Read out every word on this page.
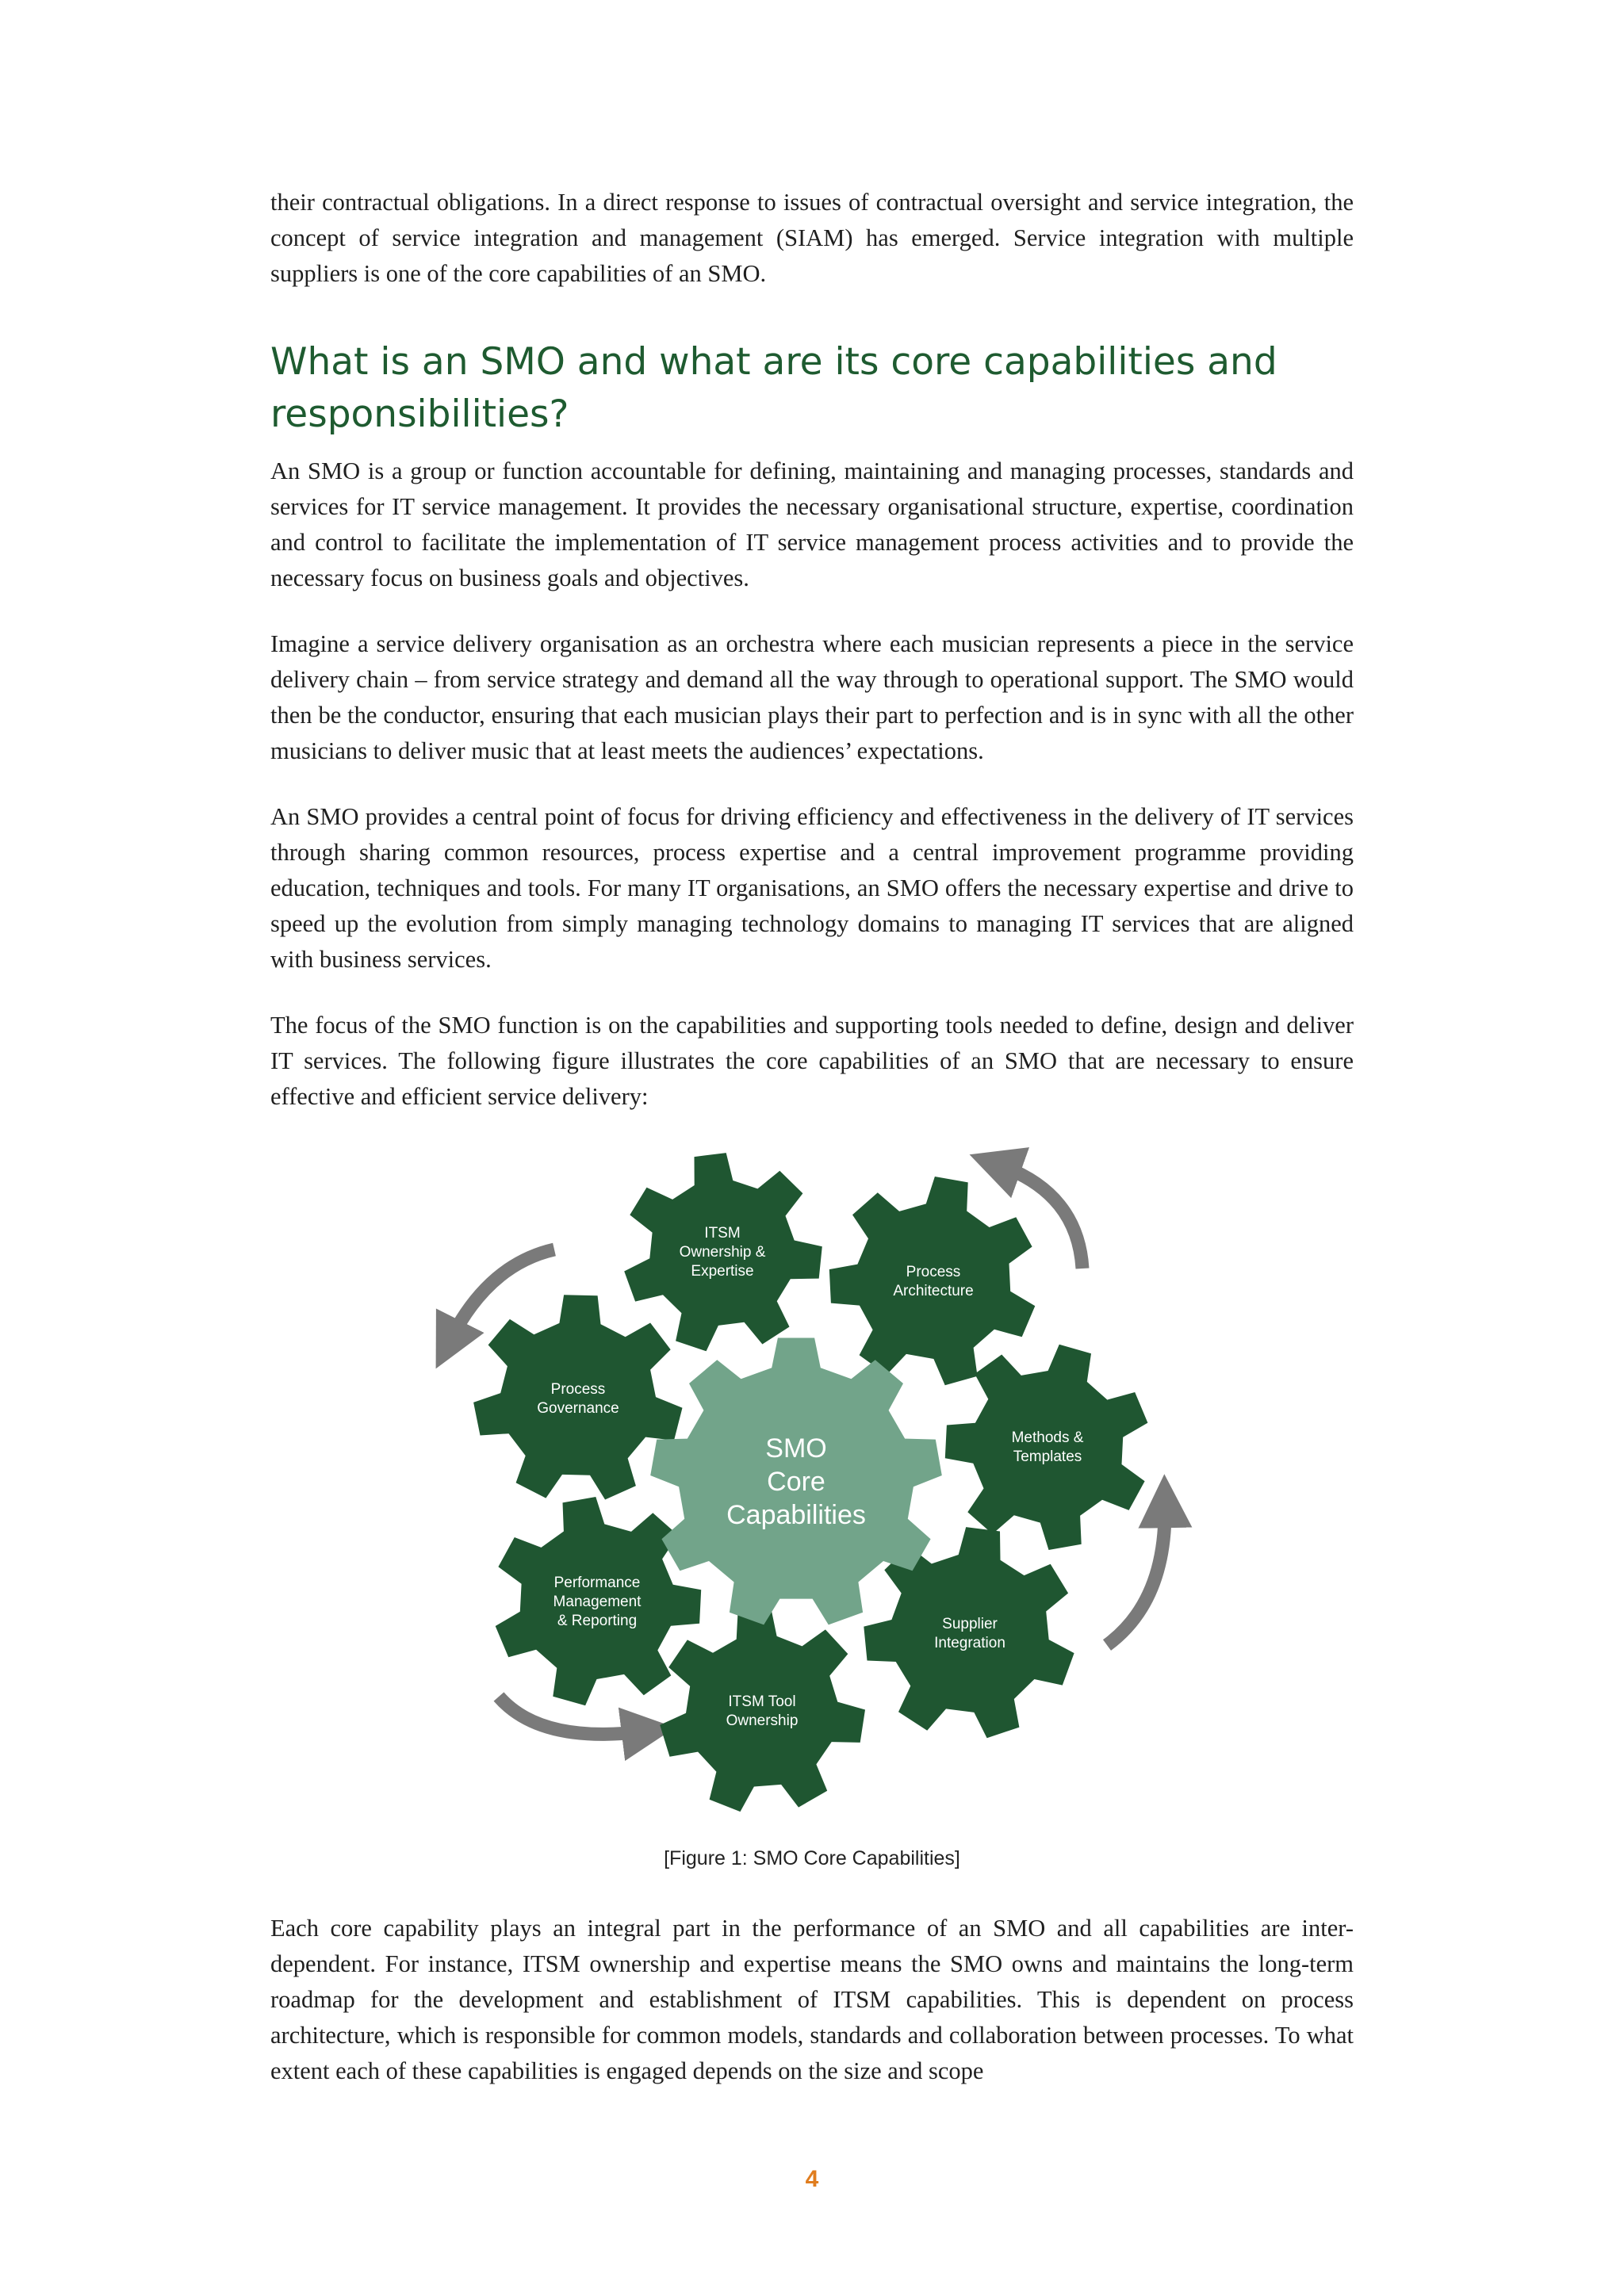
their contractual obligations. In a direct response to issues of contractual oversight and service integration, the concept of service integration and management (SIAM) has emerged. Service integration with multiple suppliers is one of the core capabilities of an SMO.

What is an SMO and what are its core capabilities and responsibilities?

An SMO is a group or function accountable for defining, maintaining and managing processes, standards and services for IT service management. It provides the necessary organisational structure, expertise, coordination and control to facilitate the implementation of IT service management process activities and to provide the necessary focus on business goals and objectives.

Imagine a service delivery organisation as an orchestra where each musician represents a piece in the service delivery chain – from service strategy and demand all the way through to operational support. The SMO would then be the conductor, ensuring that each musician plays their part to perfection and is in sync with all the other musicians to deliver music that at least meets the audiences’ expectations.

An SMO provides a central point of focus for driving efficiency and effectiveness in the delivery of IT services through sharing common resources, process expertise and a central improvement programme providing education, techniques and tools. For many IT organisations, an SMO offers the necessary expertise and drive to speed up the evolution from simply managing technology domains to managing IT services that are aligned with business services.

The focus of the SMO function is on the capabilities and supporting tools needed to define, design and deliver IT services. The following figure illustrates the core capabilities of an SMO that are necessary to ensure effective and efficient service delivery:

ITSM Ownership & Expertise	Process Architecture
Process Governance
Methods & Templates
Performance Management & Reporting	Supplier Integration
ITSM Tool Ownership
SMO Core Capabilities
[Figure 1: SMO Core Capabilities]

Each core capability plays an integral part in the performance of an SMO and all capabilities are inter-dependent. For instance, ITSM ownership and expertise means the SMO owns and maintains the long-term roadmap for the development and establishment of ITSM capabilities. This is dependent on process architecture, which is responsible for common models, standards and collaboration between processes. To what extent each of these capabilities is engaged depends on the size and scope

4
